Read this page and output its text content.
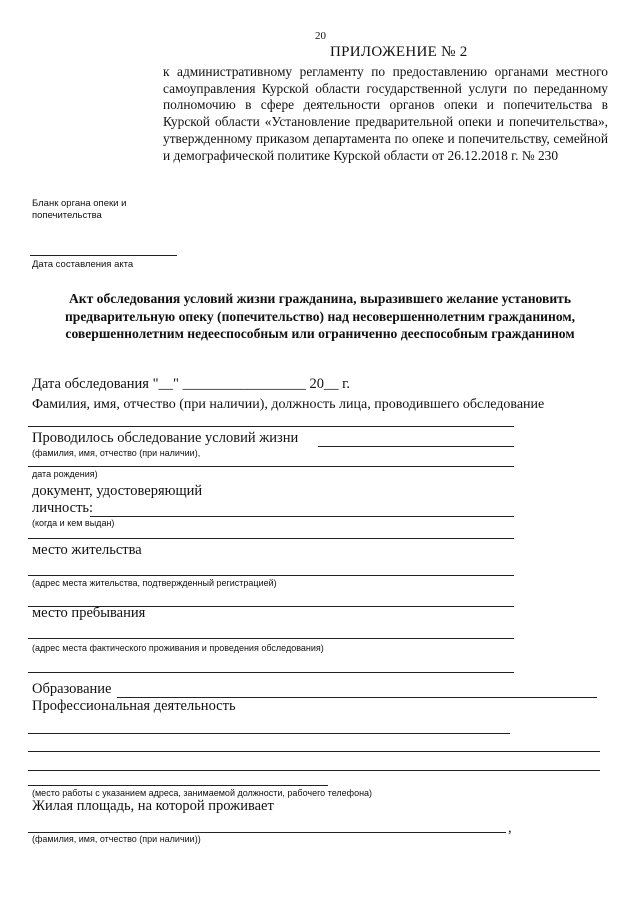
20
ПРИЛОЖЕНИЕ № 2
к административному регламенту по предоставлению органами местного самоуправления Курской области государственной услуги по переданному полномочию в сфере деятельности органов опеки и попечительства в Курской области «Установление предварительной опеки и попечительства», утвержденному приказом департамента по опеке и попечительству, семейной и демографической политике Курской области от 26.12.2018 г. № 230
Бланк органа опеки и
попечительства
Дата составления акта
Акт обследования условий жизни гражданина, выразившего желание установить предварительную опеку (попечительство) над несовершеннолетним гражданином, совершеннолетним недееспособным или ограниченно дееспособным гражданином
Дата обследования "__" _________________ 20__ г.
Фамилия, имя, отчество (при наличии), должность лица, проводившего обследование
Проводилось обследование условий жизни
(фамилия, имя, отчество (при наличии),
дата рождения)
документ, удостоверяющий
личность:
(когда и кем выдан)
место жительства
(адрес места жительства, подтвержденный регистрацией)
место пребывания
(адрес места фактического проживания и проведения обследования)
Образование
Профессиональная деятельность
(место работы с указанием адреса, занимаемой должности, рабочего телефона)
Жилая площадь, на которой проживает
,
(фамилия, имя, отчество (при наличии))
